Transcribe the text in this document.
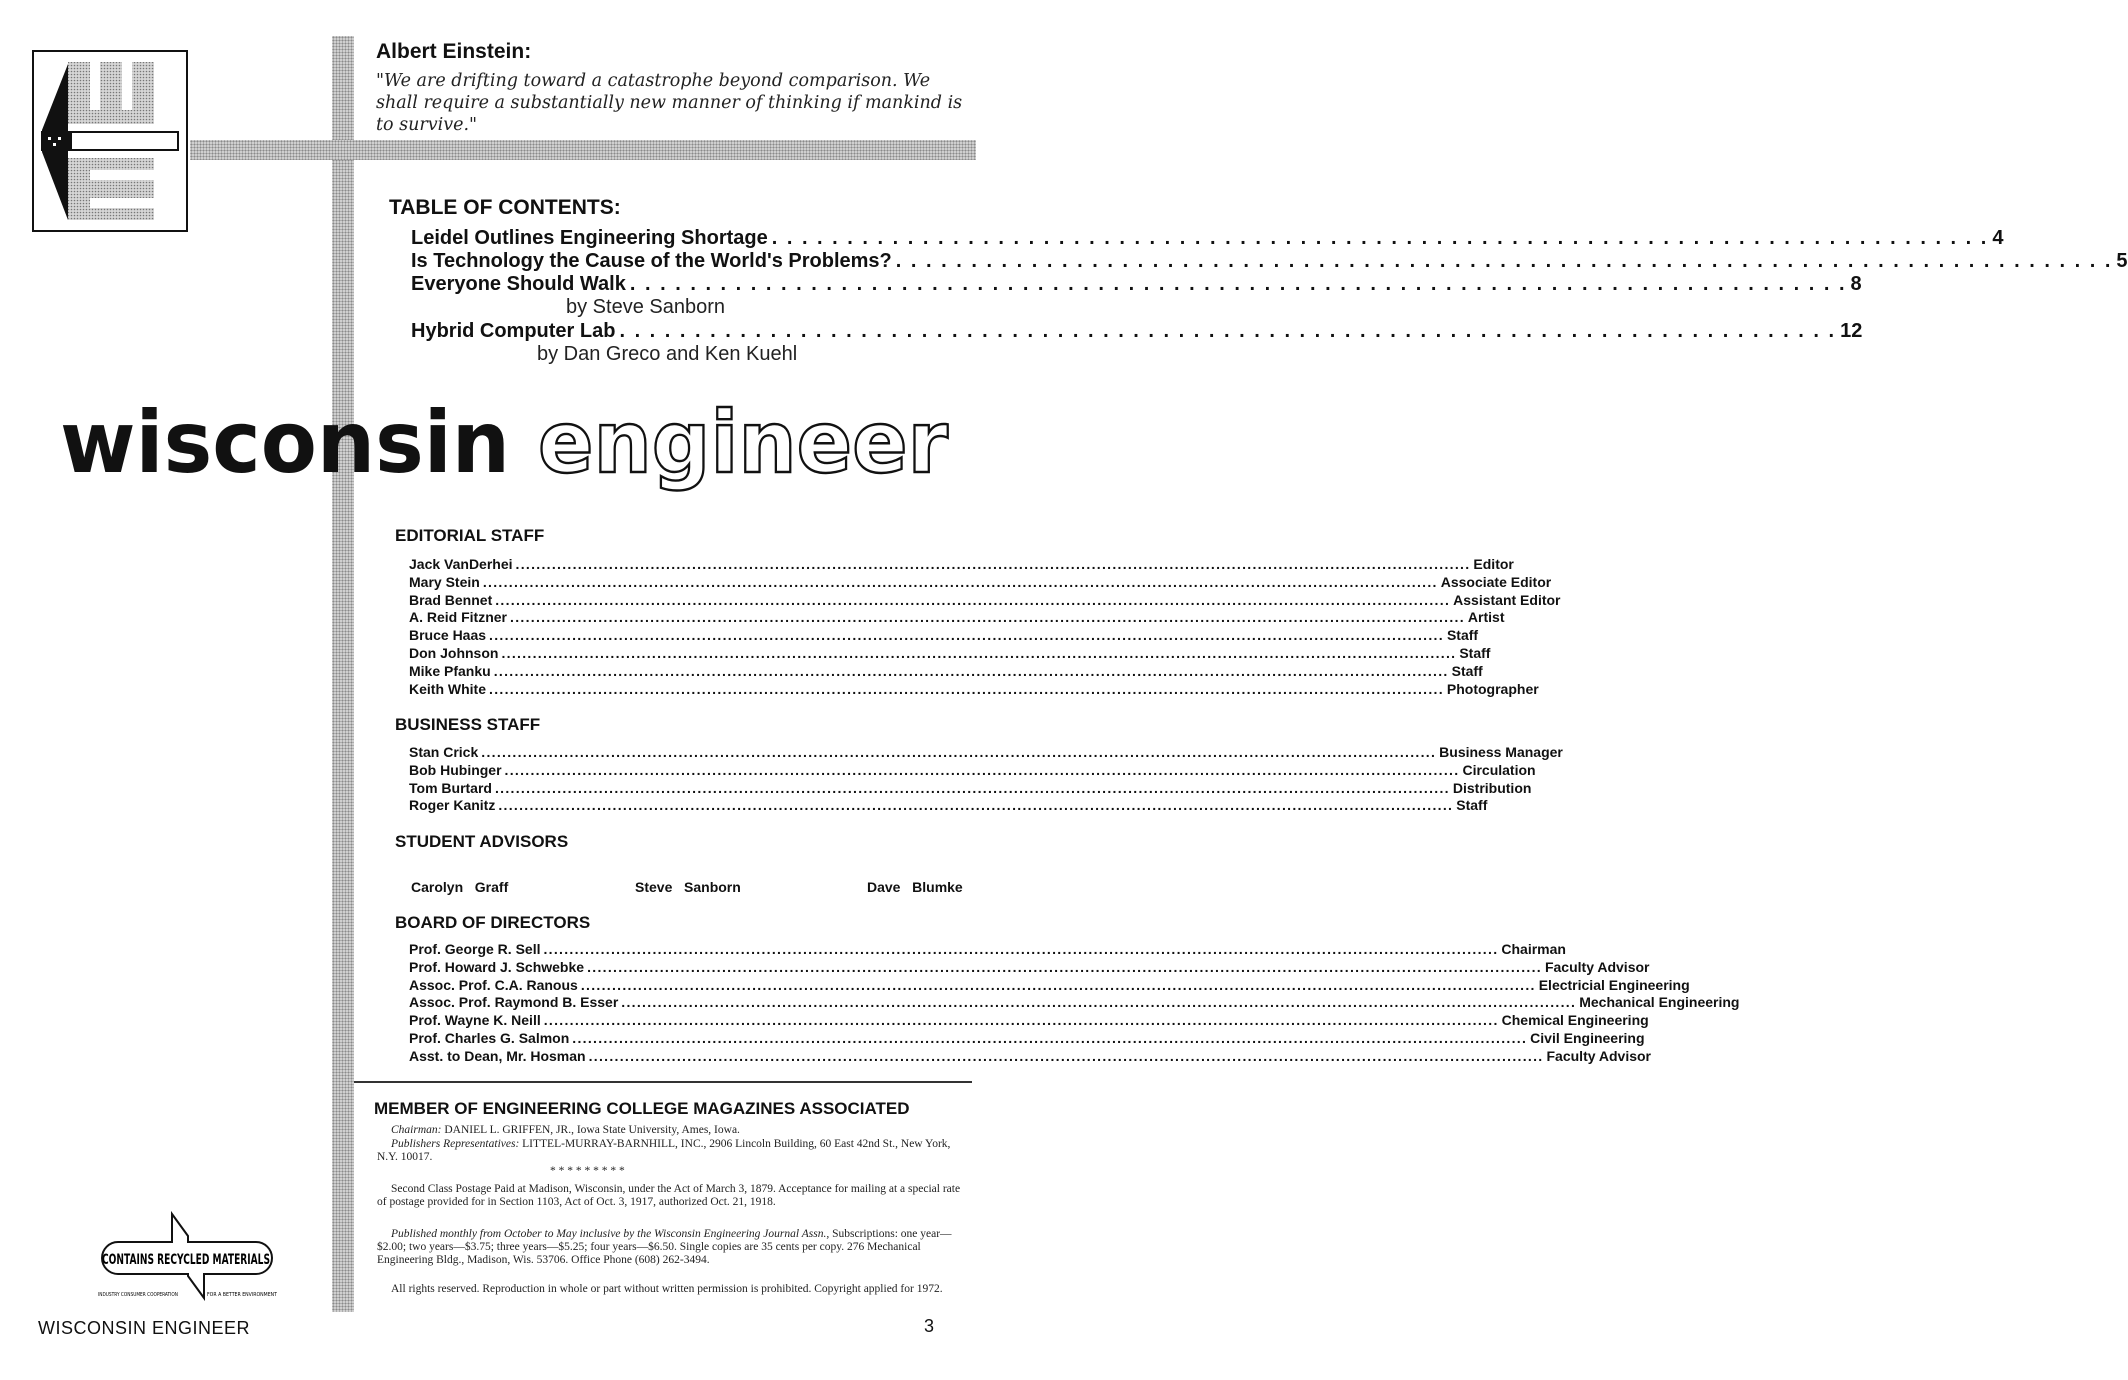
Albert Einstein:
"We are drifting toward a catastrophe beyond comparison. We shall require a substantially new manner of thinking if mankind is to survive."
TABLE OF CONTENTS:
Leidel Outlines Engineering Shortage . . .	4
Is Technology the Cause of the World's Problems? . . .	5
Everyone Should Walk . . .	8
by Steve Sanborn
Hybrid Computer Lab . . .	12
by Dan Greco and Ken Kuehl
wisconsin engineer
EDITORIAL STAFF
BUSINESS STAFF
STUDENT ADVISORS
Carolyn   Graff	Steve   Sanborn	Dave   Blumke
BOARD OF DIRECTORS
MEMBER OF ENGINEERING COLLEGE MAGAZINES ASSOCIATED
Chairman: DANIEL L. GRIFFEN, JR., Iowa State University, Ames, Iowa.
Publishers Representatives: LITTEL-MURRAY-BARNHILL, INC., 2906 Lincoln Building, 60 East 42nd St., New York, N.Y. 10017.
* * * * * * * * *
Second Class Postage Paid at Madison, Wisconsin, under the Act of March 3, 1879. Acceptance for mailing at a special rate of postage provided for in Section 1103, Act of Oct. 3, 1917, authorized Oct. 21, 1918.
Published monthly from October to May inclusive by the Wisconsin Engineering Journal Assn., Subscriptions: one year—$2.00; two years—$3.75; three years—$5.25; four years—$6.50. Single copies are 35 cents per copy. 276 Mechanical Engineering Bldg., Madison, Wis. 53706. Office Phone (608) 262-3494.
All rights reserved. Reproduction in whole or part without written permission is prohibited. Copyright applied for 1972.
CONTAINS RECYCLED MATERIALS
INDUSTRY CONSUMER COOPERATION	FOR A BETTER ENVIRONMENT
WISCONSIN ENGINEER	3
Jack VanDerhei .....	Editor
Mary Stein .....	Associate Editor
Brad Bennet .....	Assistant Editor
A. Reid Fitzner .....	Artist
Bruce Haas .....	Staff
Don Johnson .....	Staff
Mike Pfanku .....	Staff
Keith White .....	Photographer
Stan Crick .....	Business Manager
Bob Hubinger .....	Circulation
Tom Burtard .....	Distribution
Roger Kanitz .....	Staff
Prof. George R. Sell .....	Chairman
Prof. Howard J. Schwebke .....	Faculty Advisor
Assoc. Prof. C.A. Ranous .....	Electricial Engineering
Assoc. Prof. Raymond B. Esser .....	Mechanical Engineering
Prof. Wayne K. Neill .....	Chemical Engineering
Prof. Charles G. Salmon .....	Civil Engineering
Asst. to Dean, Mr. Hosman .....	Faculty Advisor
